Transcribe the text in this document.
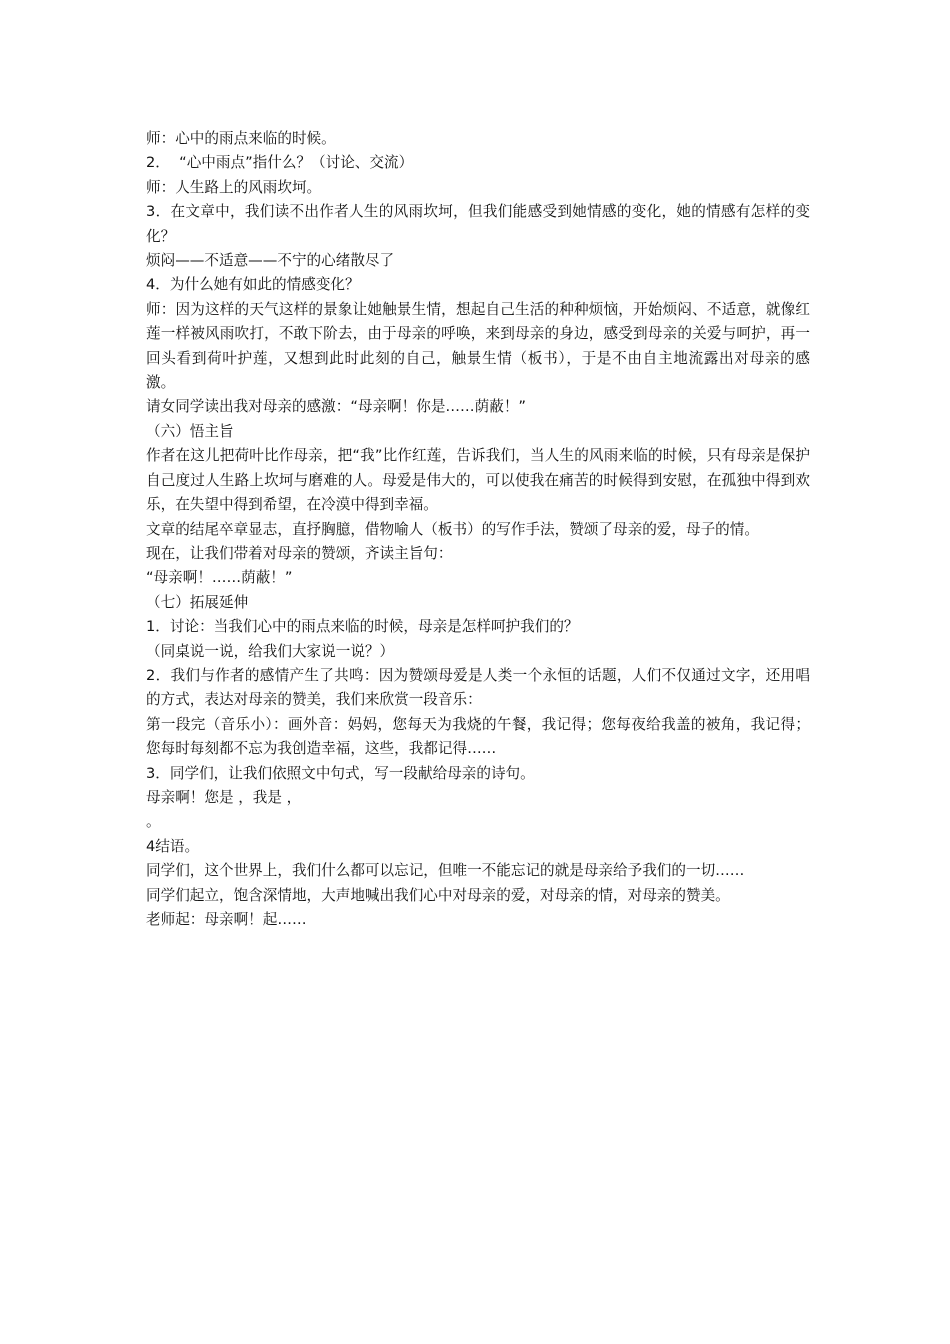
师：心中的雨点来临的时候。

2．  “心中雨点”指什么？（讨论、交流）

师：人生路上的风雨坎坷。

3．在文章中，我们读不出作者人生的风雨坎坷，但我们能感受到她情感的变化，她的情感有怎样的变化？

烦闷——不适意——不宁的心绪散尽了

4．为什么她有如此的情感变化？

师：因为这样的天气这样的景象让她触景生情，想起自己生活的种种烦恼，开始烦闷、不适意，就像红莲一样被风雨吹打，不敢下阶去，由于母亲的呼唤，来到母亲的身边，感受到母亲的关爱与呵护，再一回头看到荷叶护莲，又想到此时此刻的自己，触景生情（板书），于是不由自主地流露出对母亲的感激。

请女同学读出我对母亲的感激：“母亲啊！你是……荫蔽！”

（六）悟主旨

作者在这儿把荷叶比作母亲，把“我”比作红莲，告诉我们，当人生的风雨来临的时候，只有母亲是保护自己度过人生路上坎坷与磨难的人。母爱是伟大的，可以使我在痛苦的时候得到安慰，在孤独中得到欢乐，在失望中得到希望，在冷漠中得到幸福。

文章的结尾卒章显志，直抒胸臆，借物喻人（板书）的写作手法，赞颂了母亲的爱，母子的情。

现在，让我们带着对母亲的赞颂，齐读主旨句：

“母亲啊！……荫蔽！”

（七）拓展延伸

1．讨论：当我们心中的雨点来临的时候，母亲是怎样呵护我们的？

（同桌说一说，给我们大家说一说？）

2．我们与作者的感情产生了共鸣：因为赞颂母爱是人类一个永恒的话题，人们不仅通过文字，还用唱的方式，表达对母亲的赞美，我们来欣赏一段音乐：

第一段完（音乐小）：画外音：妈妈，您每天为我烧的午餐，我记得；您每夜给我盖的被角，我记得；您每时每刻都不忘为我创造幸福，这些，我都记得……

3．同学们，让我们依照文中句式，写一段献给母亲的诗句。

母亲啊！您是 ，我是 ，

。

4结语。

同学们，这个世界上，我们什么都可以忘记，但唯一不能忘记的就是母亲给予我们的一切……

同学们起立，饱含深情地，大声地喊出我们心中对母亲的爱，对母亲的情，对母亲的赞美。

老师起：母亲啊！起……
